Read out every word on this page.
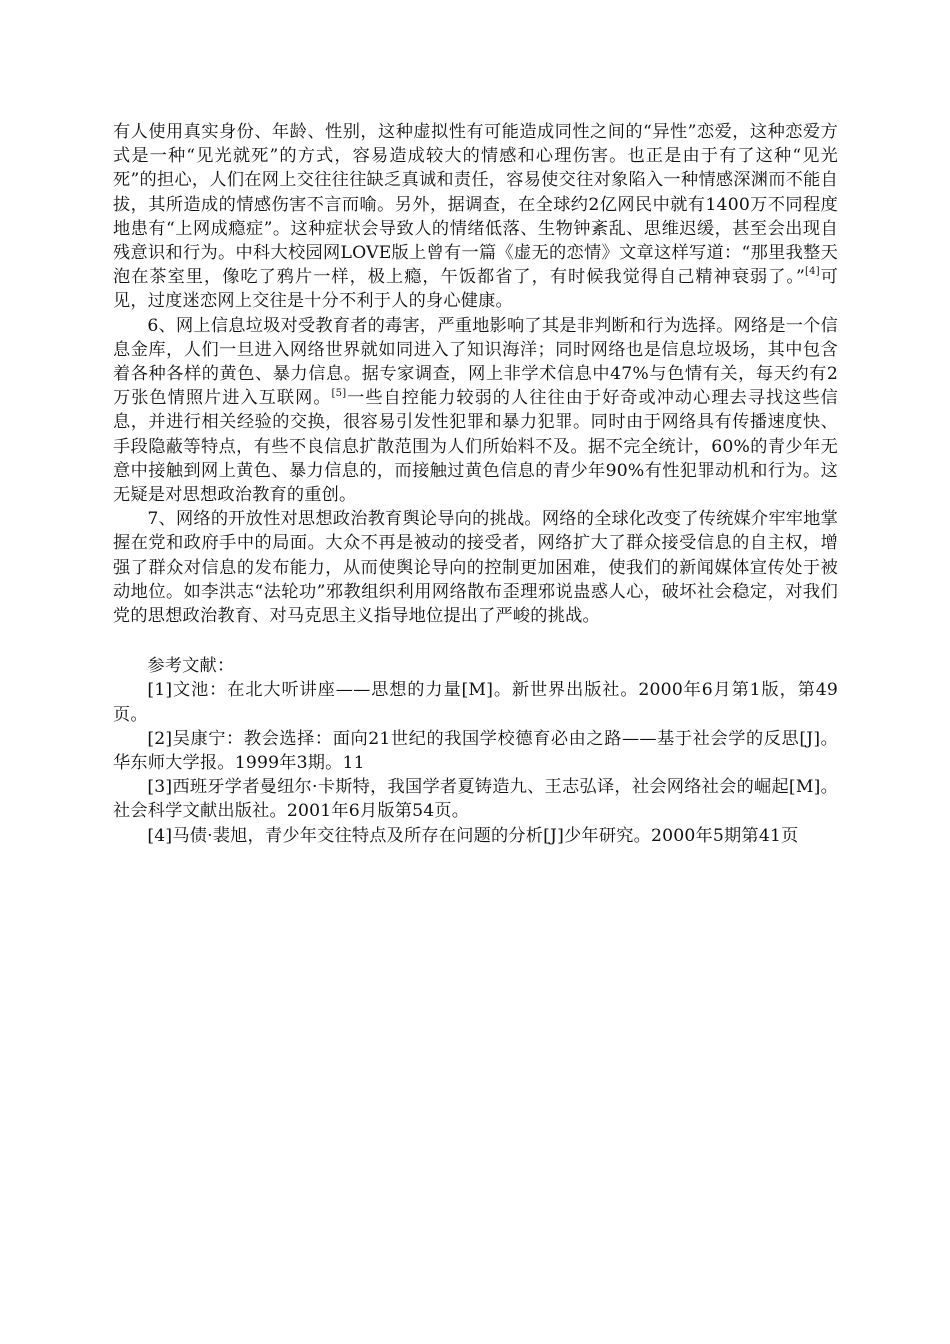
有人使用真实身份、年龄、性别，这种虚拟性有可能造成同性之间的“异性”恋爱，这种恋爱方式是一种“见光就死”的方式，容易造成较大的情感和心理伤害。也正是由于有了这种“见光死”的担心，人们在网上交往往往缺乏真诚和责任，容易使交往对象陷入一种情感深渊而不能自拔，其所造成的情感伤害不言而喻。另外，据调查，在全球约2亿网民中就有1400万不同程度地患有“上网成瘾症”。这种症状会导致人的情绪低落、生物钟紊乱、思维迟缓，甚至会出现自残意识和行为。中科大校园网LOVE版上曾有一篇《虚无的恋情》文章这样写道：“那里我整天泡在茶室里，像吃了鸦片一样，极上瘾，午饭都省了，有时候我觉得自己精神衰弱了。”[4]可见，过度迷恋网上交往是十分不利于人的身心健康。

6、网上信息垃圾对受教育者的毒害，严重地影响了其是非判断和行为选择。网络是一个信息金库，人们一旦进入网络世界就如同进入了知识海洋；同时网络也是信息垃圾场，其中包含着各种各样的黄色、暴力信息。据专家调查，网上非学术信息中47%与色情有关，每天约有2万张色情照片进入互联网。[5]一些自控能力较弱的人往往由于好奇或冲动心理去寻找这些信息，并进行相关经验的交换，很容易引发性犯罪和暴力犯罪。同时由于网络具有传播速度快、手段隐蔽等特点，有些不良信息扩散范围为人们所始料不及。据不完全统计，60%的青少年无意中接触到网上黄色、暴力信息的，而接触过黄色信息的青少年90%有性犯罪动机和行为。这无疑是对思想政治教育的重创。

7、网络的开放性对思想政治教育舆论导向的挑战。网络的全球化改变了传统媒介牢牢地掌握在党和政府手中的局面。大众不再是被动的接受者，网络扩大了群众接受信息的自主权，增强了群众对信息的发布能力，从而使舆论导向的控制更加困难，使我们的新闻媒体宣传处于被动地位。如李洪志“法轮功”邪教组织利用网络散布歪理邪说蛊惑人心，破坏社会稳定，对我们党的思想政治教育、对马克思主义指导地位提出了严峻的挑战。

参考文献：

[1]文池：在北大听讲座——思想的力量[M]。新世界出版社。2000年6月第1版，第49页。

[2]吴康宁：教会选择：面向21世纪的我国学校德育必由之路——基于社会学的反思[J]。华东师大学报。1999年3期。11

[3]西班牙学者曼纽尔·卡斯特，我国学者夏铸造九、王志弘译，社会网络社会的崛起[M]。社会科学文献出版社。2001年6月版第54页。

[4]马债·裴旭，青少年交往特点及所存在问题的分析[J]少年研究。2000年5期第41页
